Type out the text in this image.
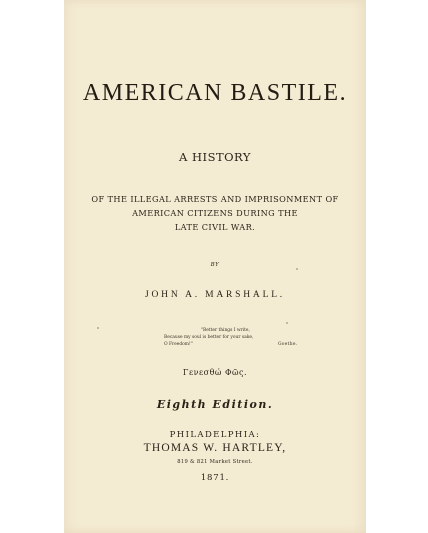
AMERICAN BASTILE.
A HISTORY
OF THE ILLEGAL ARRESTS AND IMPRISONMENT OF
AMERICAN CITIZENS DURING THE
LATE CIVIL WAR.
BY
JOHN A. MARSHALL.
"Better things I write,
Because my soul is better for your sake,
O Freedom!"	Goethe.
Γενεσθώ Φῶς.
Eighth Edition.
PHILADELPHIA:
THOMAS W. HARTLEY,
819 & 821 Market Street.
1871.
